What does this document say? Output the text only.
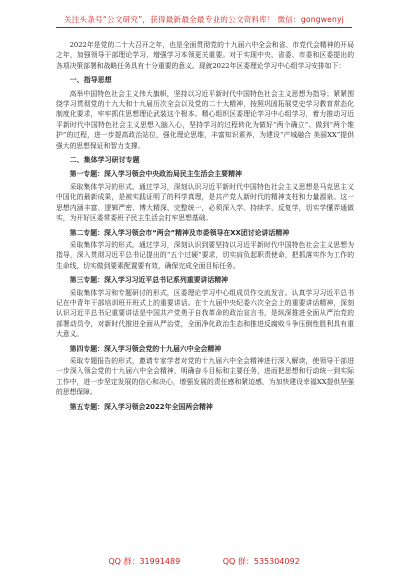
关注头条号“公文研究”，获得最新最全最专业的公文资料库！ 微信：gongwenyj

2022年是党的二十大召开之年，也是全面贯彻党的十九届六中全会和省、市党代会精神的开局之年，加强领导干部理论学习、增强学习本领更关重要。对于实现中央、省委、市委和区委提出的各项决策部署和战略任务具有十分重要的意义。现就2022年区委理论学习中心组学习安排如下：

一、指导思想

高举中国特色社会主义伟大旗帜，坚持以习近平新时代中国特色社会主义思想为指导；紧紧围绕学习贯彻党的十九大和十九届历次全会以及党的二十大精神，按照巩固拓展党史学习教育常态化制度化要求，牢牢抓住思想理论武装这个根本。精心组织区委理论学习中心组学习，着力推动习近平新时代中国特色社会主义思想入脑入心，坚持学习的过程转化为做好“两个确立”、做到“两个维护”的过程，进一步提高政治站位，强化理论思维，丰富知识素养，为建设“产城融合 美丽XX”提供强大的思想保证和智力支撑。

二、集体学习研讨专题
第一专题：深入学习领会中央政治局民主生活会主要精神

采取集体学习的形式。通过学习，深刻认识习近平新时代中国特色社会主义思想是马克思主义中国化的最新成果，是被实践证明了的科学真理，是共产党人新时代的精神支柱和力量源泉。这一思想内涵丰富、逻辑严密、博大精深、完整统一，必须深入学、持续学、反复学，切实学懂弄通做实，为开好区委常委班子民主生活会打牢思想基础。

第二专题：深入学习领会市“两会”精神及市委领导在XX团讨论讲话精神

采取集体学习的形式。通过学习，深刻认识到要坚持以习近平新时代中国特色社会主义思想为指导，深入贯彻习近平总书记提出的“五个过硬”要求，切实肩负起职责使命，把抓落实作为工作的生命线，切实做到要素配置要有效，确保完成全面目标任务。

第三专题：深入学习习近平总书记系列重要讲话精神

采取集体学习和专题研讨的形式，区委理论学习中心组成员作交流发言。认真学习习近平总书记在中青年干部培训班开班式上的重要讲话。在十九届中央纪委六次全会上的重要讲话精神，深刻认识习近平总书记重要讲话是中国共产党勇于自我革命的政治宣言书，是纵深推进全面从严治党的部署动员令，对新时代推进全面从严治党，全面净化政治生态和推进反腐败斗争压倒性胜利具有重大意义。

第四专题：深入学习领会党的十九届六中全会精神

采取专题报告的形式，邀请专家学者对党的十九届六中全会精神进行深入解读，使领导干部进一步深入领会党的十九届六中全会精神，明确奋斗目标和主要任务，进而把思想和行动统一到实际工作中，进一步坚定发展的信心和决心，增强发展的责任感和紧迫感，为加快建设幸福XX提供坚强的思想保障。

第五专题：深入学习领会2022年全国两会精神
QQ 群：31991489	QQ 群：535304092
